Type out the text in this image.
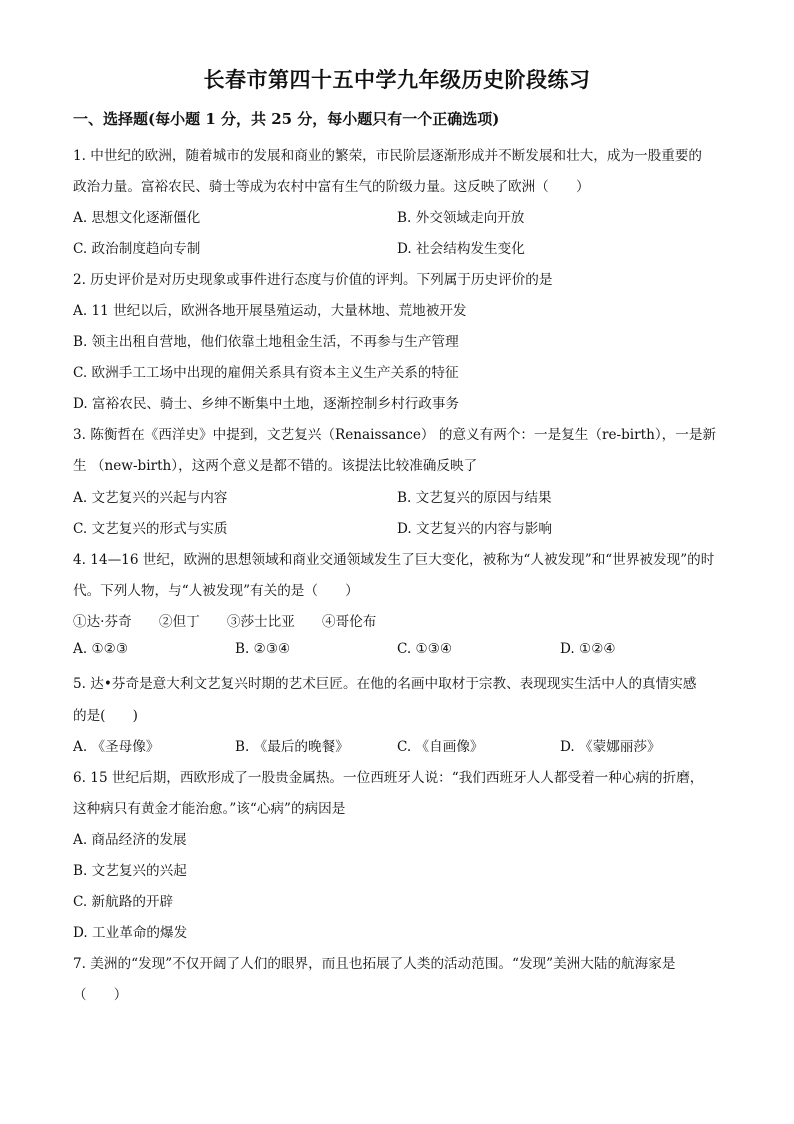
长春市第四十五中学九年级历史阶段练习
一、选择题(每小题 1 分，共 25 分，每小题只有一个正确选项)
1. 中世纪的欧洲，随着城市的发展和商业的繁荣，市民阶层逐渐形成并不断发展和壮大，成为一股重要的
政治力量。富裕农民、骑士等成为农村中富有生气的阶级力量。这反映了欧洲（　　）
A. 思想文化逐渐僵化	B. 外交领域走向开放
C. 政治制度趋向专制	D. 社会结构发生变化
2. 历史评价是对历史现象或事件进行态度与价值的评判。下列属于历史评价的是
A. 11 世纪以后，欧洲各地开展垦殖运动，大量林地、荒地被开发
B. 领主出租自营地，他们依靠土地租金生活，不再参与生产管理
C. 欧洲手工工场中出现的雇佣关系具有资本主义生产关系的特征
D. 富裕农民、骑士、乡绅不断集中土地，逐渐控制乡村行政事务
3. 陈衡哲在《西洋史》中提到，文艺复兴（Renaissance） 的意义有两个：一是复生（re-birth），一是新
生 （new-birth），这两个意义是都不错的。该提法比较准确反映了
A. 文艺复兴的兴起与内容	B. 文艺复兴的原因与结果
C. 文艺复兴的形式与实质	D. 文艺复兴的内容与影响
4. 14—16 世纪，欧洲的思想领域和商业交通领域发生了巨大变化，被称为“人被发现”和“世界被发现”的时
代。下列人物，与“人被发现”有关的是（　　）
①达·芬奇　　②但丁　　③莎士比亚　　④哥伦布
A. ①②③	B. ②③④	C. ①③④	D. ①②④
5. 达•芬奇是意大利文艺复兴时期的艺术巨匠。在他的名画中取材于宗教、表现现实生活中人的真情实感
的是(　　)
A. 《圣母像》	B. 《最后的晚餐》	C. 《自画像》	D. 《蒙娜丽莎》
6. 15 世纪后期，西欧形成了一股贵金属热。一位西班牙人说：“我们西班牙人人都受着一种心病的折磨，
这种病只有黄金才能治愈。”该“心病”的病因是
A. 商品经济的发展
B. 文艺复兴的兴起
C. 新航路的开辟
D. 工业革命的爆发
7. 美洲的“发现”不仅开阔了人们的眼界，而且也拓展了人类的活动范围。“发现”美洲大陆的航海家是
（　　）
